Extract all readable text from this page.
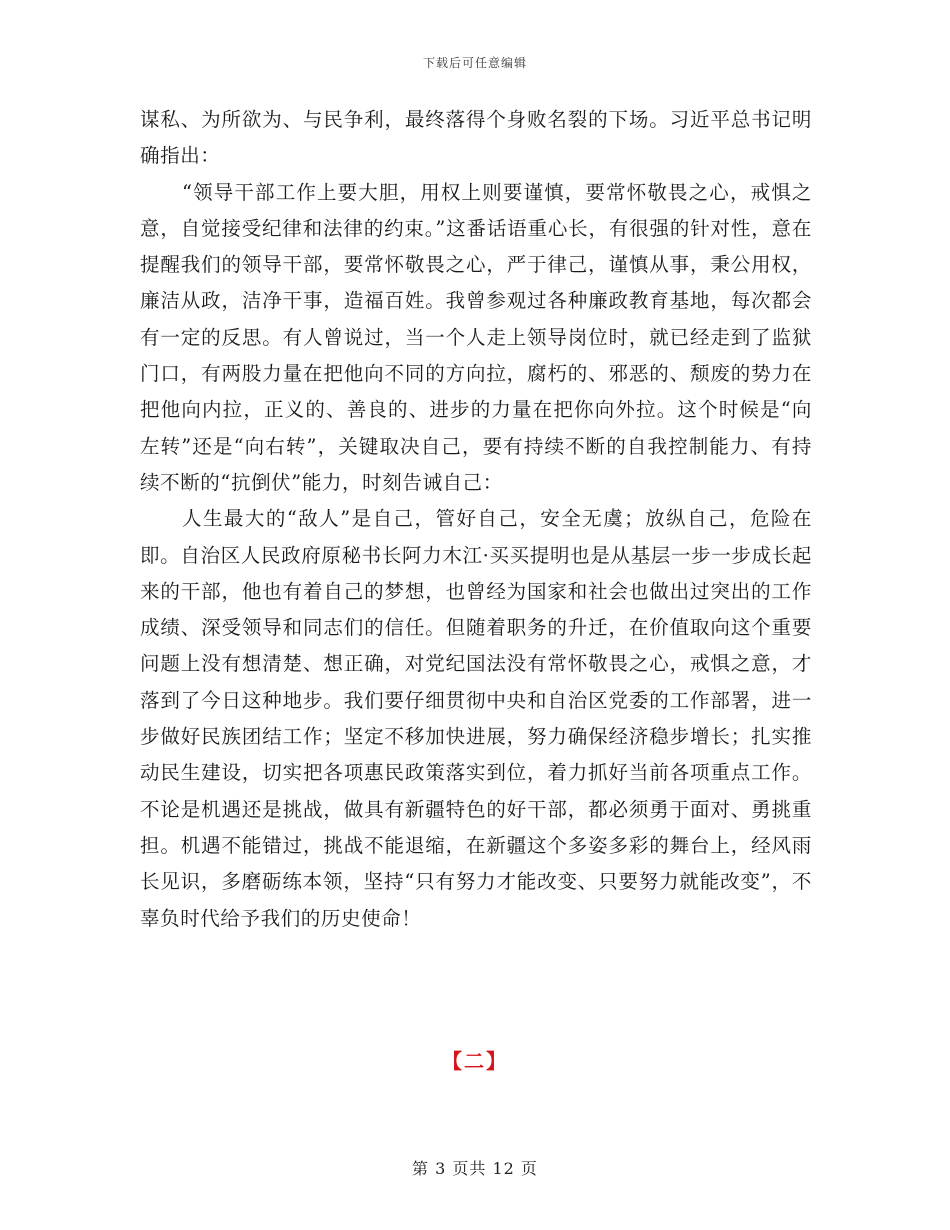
下载后可任意编辑

谋私、为所欲为、与民争利，最终落得个身败名裂的下场。习近平总书记明确指出：

“领导干部工作上要大胆，用权上则要谨慎，要常怀敬畏之心，戒惧之意，自觉接受纪律和法律的约束。”这番话语重心长，有很强的针对性，意在提醒我们的领导干部，要常怀敬畏之心，严于律己，谨慎从事，秉公用权，廉洁从政，洁净干事，造福百姓。我曾参观过各种廉政教育基地，每次都会有一定的反思。有人曾说过，当一个人走上领导岗位时，就已经走到了监狱门口，有两股力量在把他向不同的方向拉，腐朽的、邪恶的、颓废的势力在把他向内拉，正义的、善良的、进步的力量在把你向外拉。这个时候是“向左转”还是“向右转”，关键取决自己，要有持续不断的自我控制能力、有持续不断的“抗倒伏”能力，时刻告诫自己：

人生最大的“敌人”是自己，管好自己，安全无虞；放纵自己，危险在即。自治区人民政府原秘书长阿力木江·买买提明也是从基层一步一步成长起来的干部，他也有着自己的梦想，也曾经为国家和社会也做出过突出的工作成绩、深受领导和同志们的信任。但随着职务的升迁，在价值取向这个重要问题上没有想清楚、想正确，对党纪国法没有常怀敬畏之心，戒惧之意，才落到了今日这种地步。我们要仔细贯彻中央和自治区党委的工作部署，进一步做好民族团结工作；坚定不移加快进展，努力确保经济稳步增长；扎实推动民生建设，切实把各项惠民政策落实到位，着力抓好当前各项重点工作。不论是机遇还是挑战，做具有新疆特色的好干部，都必须勇于面对、勇挑重担。机遇不能错过，挑战不能退缩，在新疆这个多姿多彩的舞台上，经风雨长见识，多磨砺练本领，坚持“只有努力才能改变、只要努力就能改变”，不辜负时代给予我们的历史使命！

【二】
第 3 页共 12 页
